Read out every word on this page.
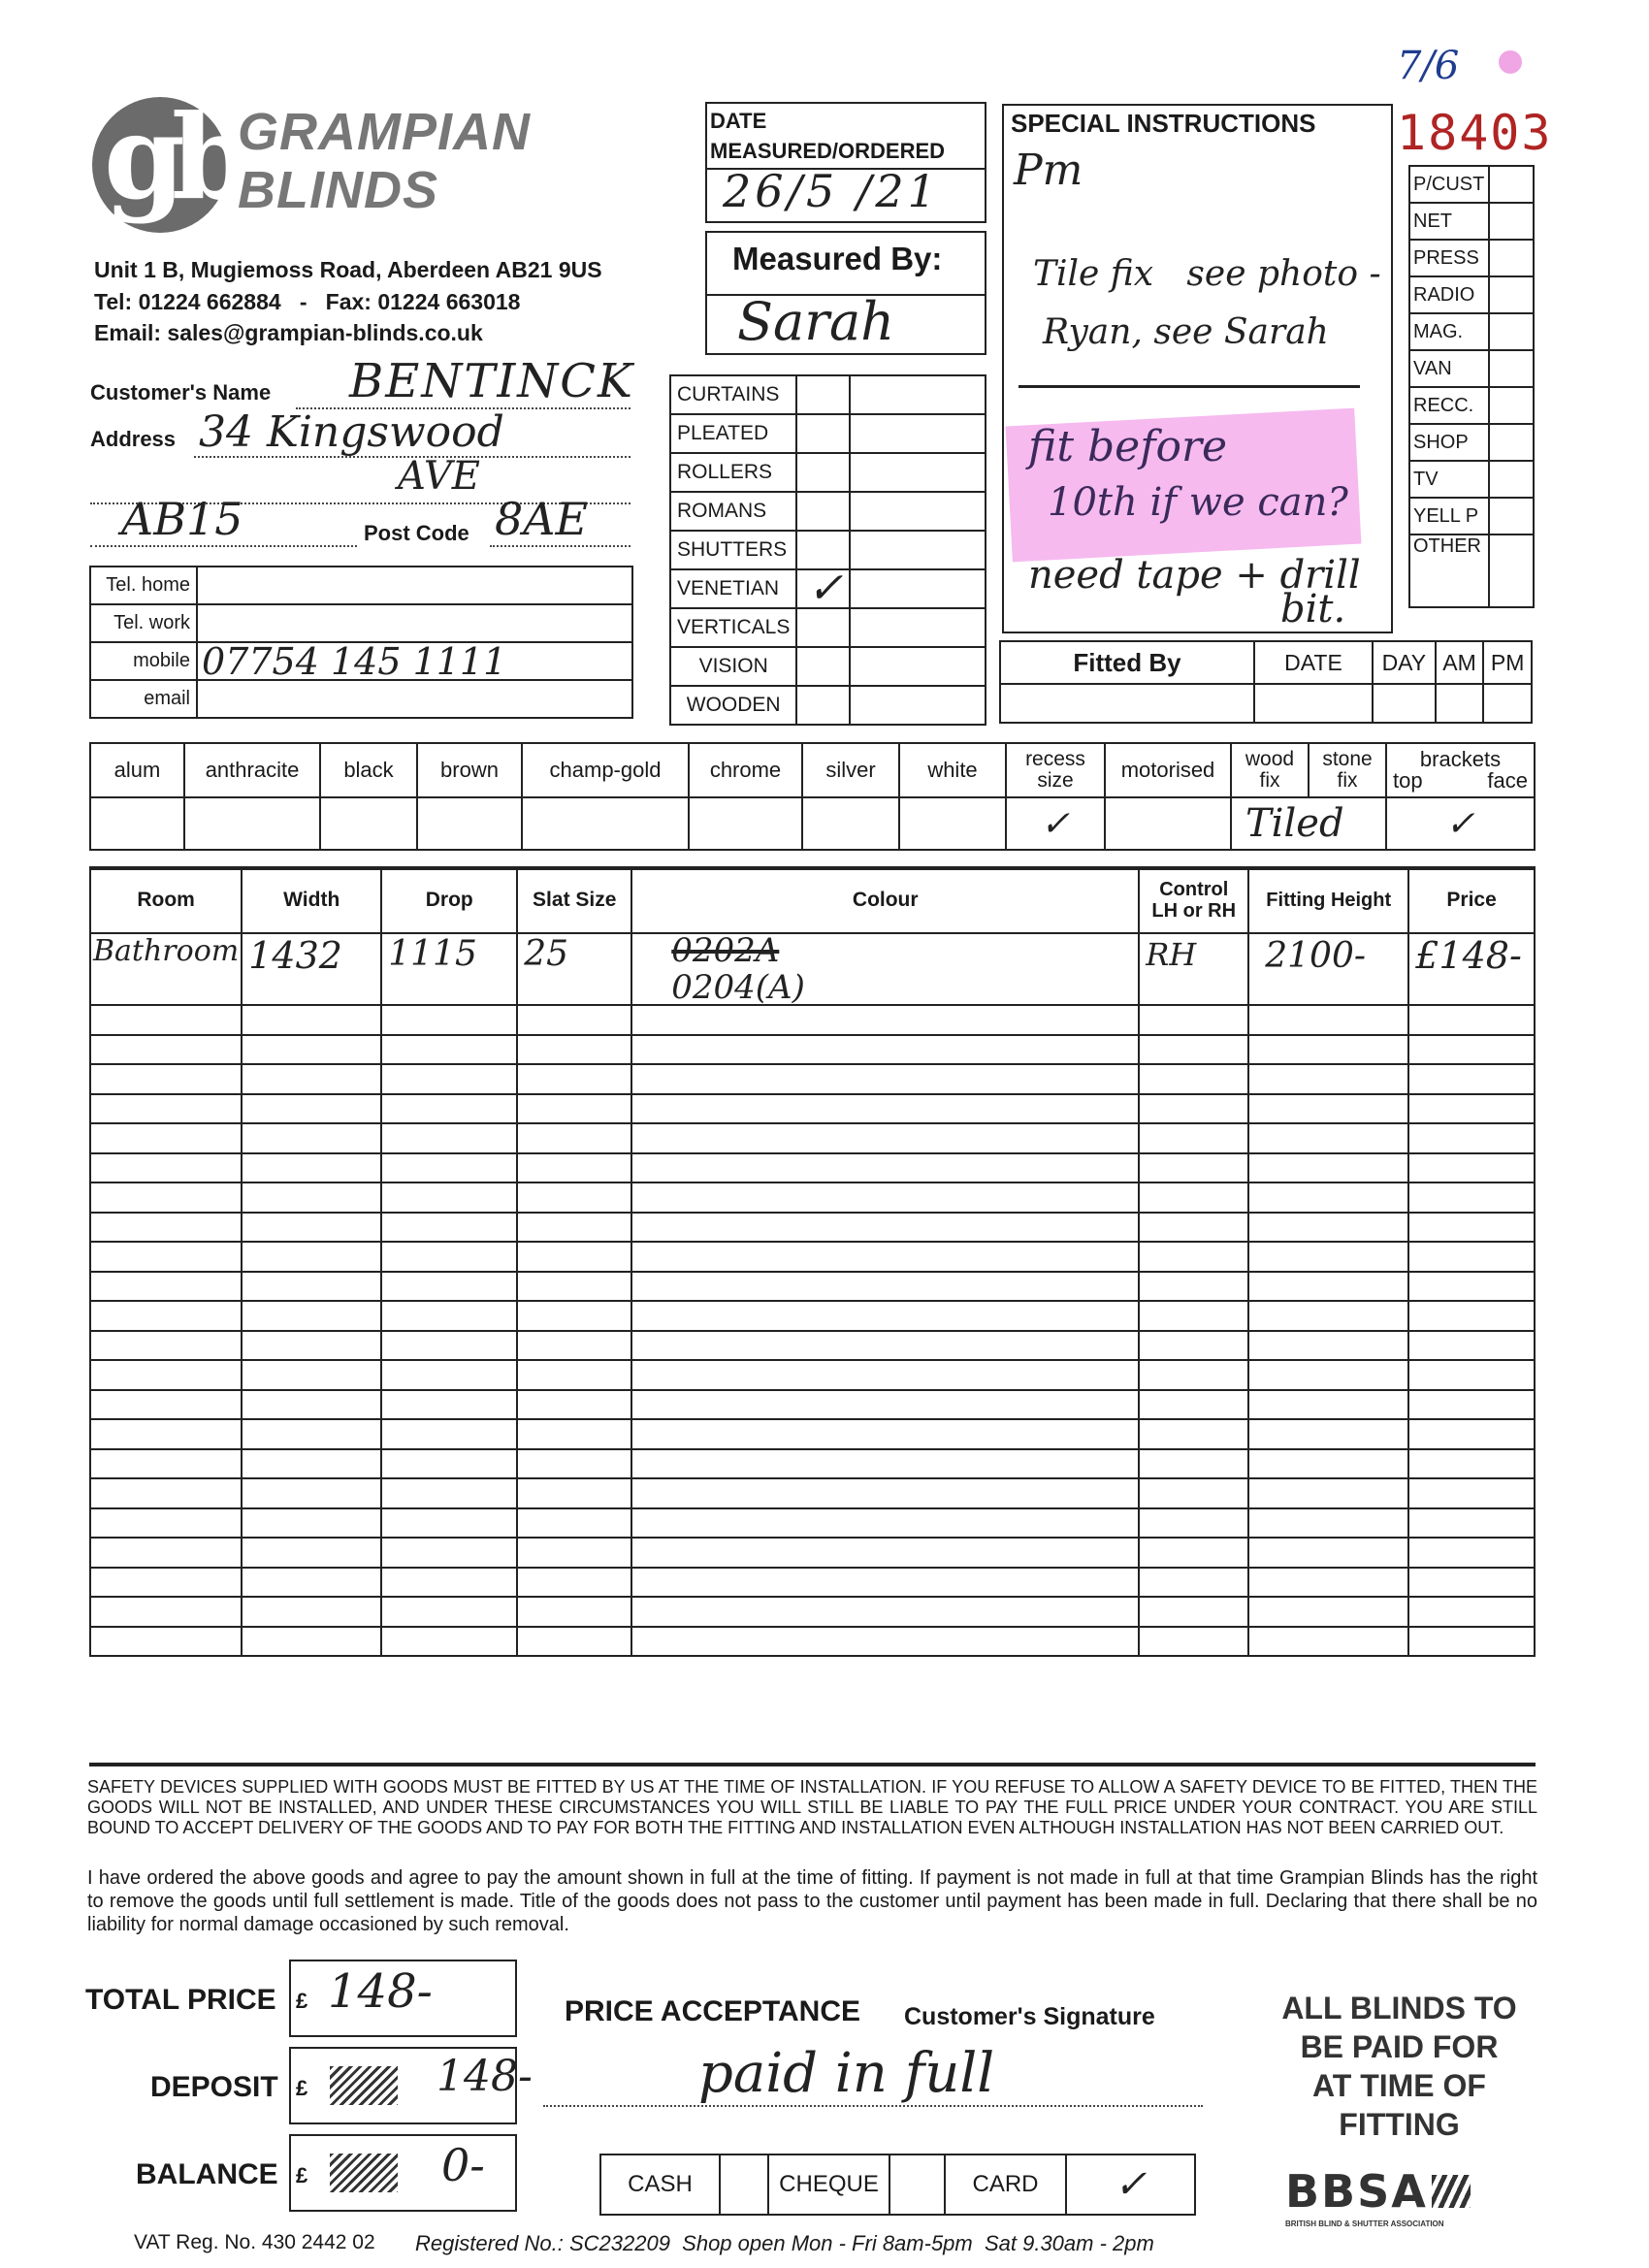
gb
GRAMPIAN
BLINDS
Unit 1 B, Mugiemoss Road, Aberdeen AB21 9US
Tel: 01224 662884   -   Fax: 01224 663018
Email: sales@grampian-blinds.co.uk
Customer's Name BENTINCK
Address 34 Kingswood
AVE
AB15	Post Code 8AE
Tel. home	
Tel. work	
mobile	07754 145 1111
email	
DATE
MEASURED/ORDERED
26/5 /21
Measured By:
Sarah
CURTAINS		
PLEATED		
ROLLERS		
ROMANS		
SHUTTERS		
VENETIAN	✓	
VERTICALS		
VISION		
WOODEN		
SPECIAL INSTRUCTIONS
Pm
Tile fix   see photo -
Ryan, see Sarah
fit before
10th if we can?
need tape + drill
bit.
7/6
18403
P/CUST	
NET	
PRESS	
RADIO	
MAG.	
VAN	
RECC.	
SHOP	
TV	
YELL P	
OTHER	
Fitted By	DATE	DAY	AM	PM

alum	anthracite	black	brown	champ-gold	chrome	silver	white	recess size	motorised	wood fix	stone fix	brackets
top face

								✓		Tiled		✓
Room	Width	Drop	Slat Size	Colour	Control LH or RH	Fitting Height	Price
Bathroom	1432	1115	25	0202A
0204(A)	RH	2100-	£148-

SAFETY DEVICES SUPPLIED WITH GOODS MUST BE FITTED BY US AT THE TIME OF INSTALLATION. IF YOU REFUSE TO ALLOW A SAFETY DEVICE TO BE FITTED, THEN THE GOODS WILL NOT BE INSTALLED, AND UNDER THESE CIRCUMSTANCES YOU WILL STILL BE LIABLE TO PAY THE FULL PRICE UNDER YOUR CONTRACT. YOU ARE STILL BOUND TO ACCEPT DELIVERY OF THE GOODS AND TO PAY FOR BOTH THE FITTING AND INSTALLATION EVEN ALTHOUGH INSTALLATION HAS NOT BEEN CARRIED OUT.
I have ordered the above goods and agree to pay the amount shown in full at the time of fitting. If payment is not made in full at that time Grampian Blinds has the right to remove the goods until full settlement is made. Title of the goods does not pass to the customer until payment has been made in full. Declaring that there shall be no liability for normal damage occasioned by such removal.
TOTAL PRICE £ 148-
DEPOSIT £	148-
BALANCE £	0-
PRICE ACCEPTANCE Customer's Signature
paid in full
CASH		CHEQUE		CARD	✓
ALL BLINDS TO
BE PAID FOR
AT TIME OF
FITTING
BBSA
BRITISH BLIND & SHUTTER ASSOCIATION
VAT Reg. No. 430 2442 02 Registered No.: SC232209  Shop open Mon - Fri 8am-5pm  Sat 9.30am - 2pm
